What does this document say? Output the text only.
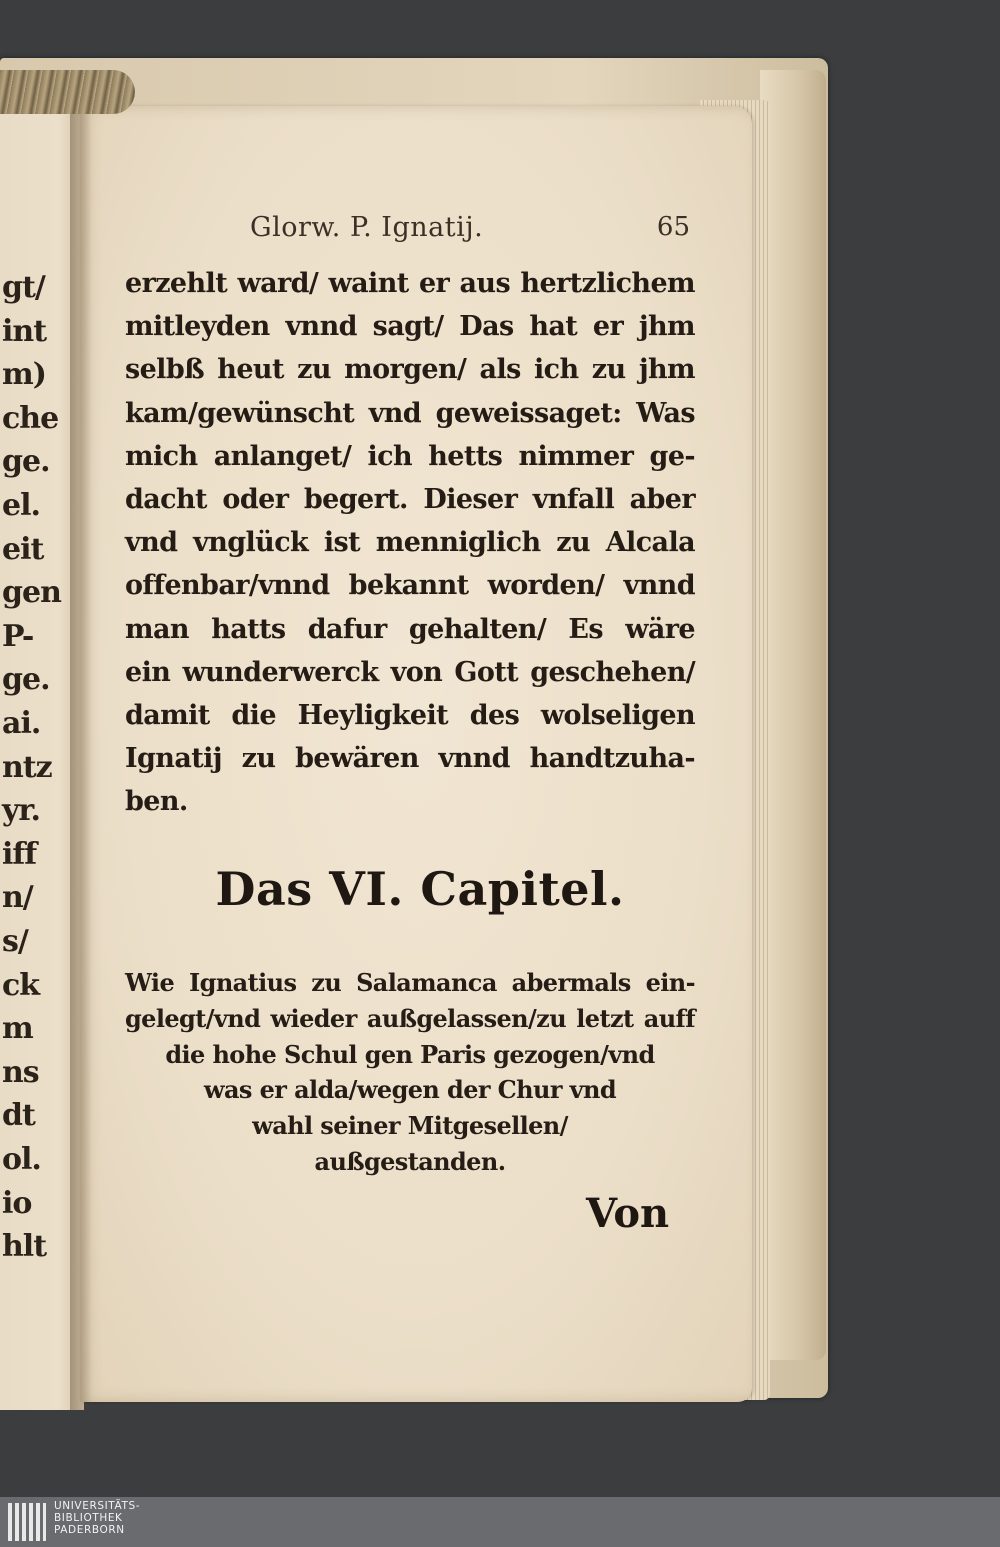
gt/
int
m)
che
ge.
el.
eit
gen
P-
ge.
ai.
ntz
yr.
iff
n/
s/
ck
m
ns
dt
ol.
io
hlt
Glorw. P. Ignatij.	65
erzehlt ward/ waint er aus hertzlichem
mitleyden vnnd sagt/ Das hat er jhm
selbß heut zu morgen/ als ich zu jhm
kam/gewünscht vnd geweissaget: Was
mich anlanget/ ich hetts nimmer ge-
dacht oder begert. Dieser vnfall aber
vnd vnglück ist menniglich zu Alcala
offenbar/vnnd bekannt worden/ vnnd
man hatts dafur gehalten/ Es wäre
ein wunderwerck von Gott geschehen/
damit die Heyligkeit des wolseligen
Ignatij zu bewären vnnd handtzuha-
ben.
Das VI. Capitel.
Wie Ignatius zu Salamanca abermals ein-
gelegt/vnd wieder außgelassen/zu letzt auff
die hohe Schul gen Paris gezogen/vnd
was er alda/wegen der Chur vnd
wahl seiner Mitgesellen/
außgestanden.
Von
UNIVERSITÄTS-
BIBLIOTHEK
PADERBORN
